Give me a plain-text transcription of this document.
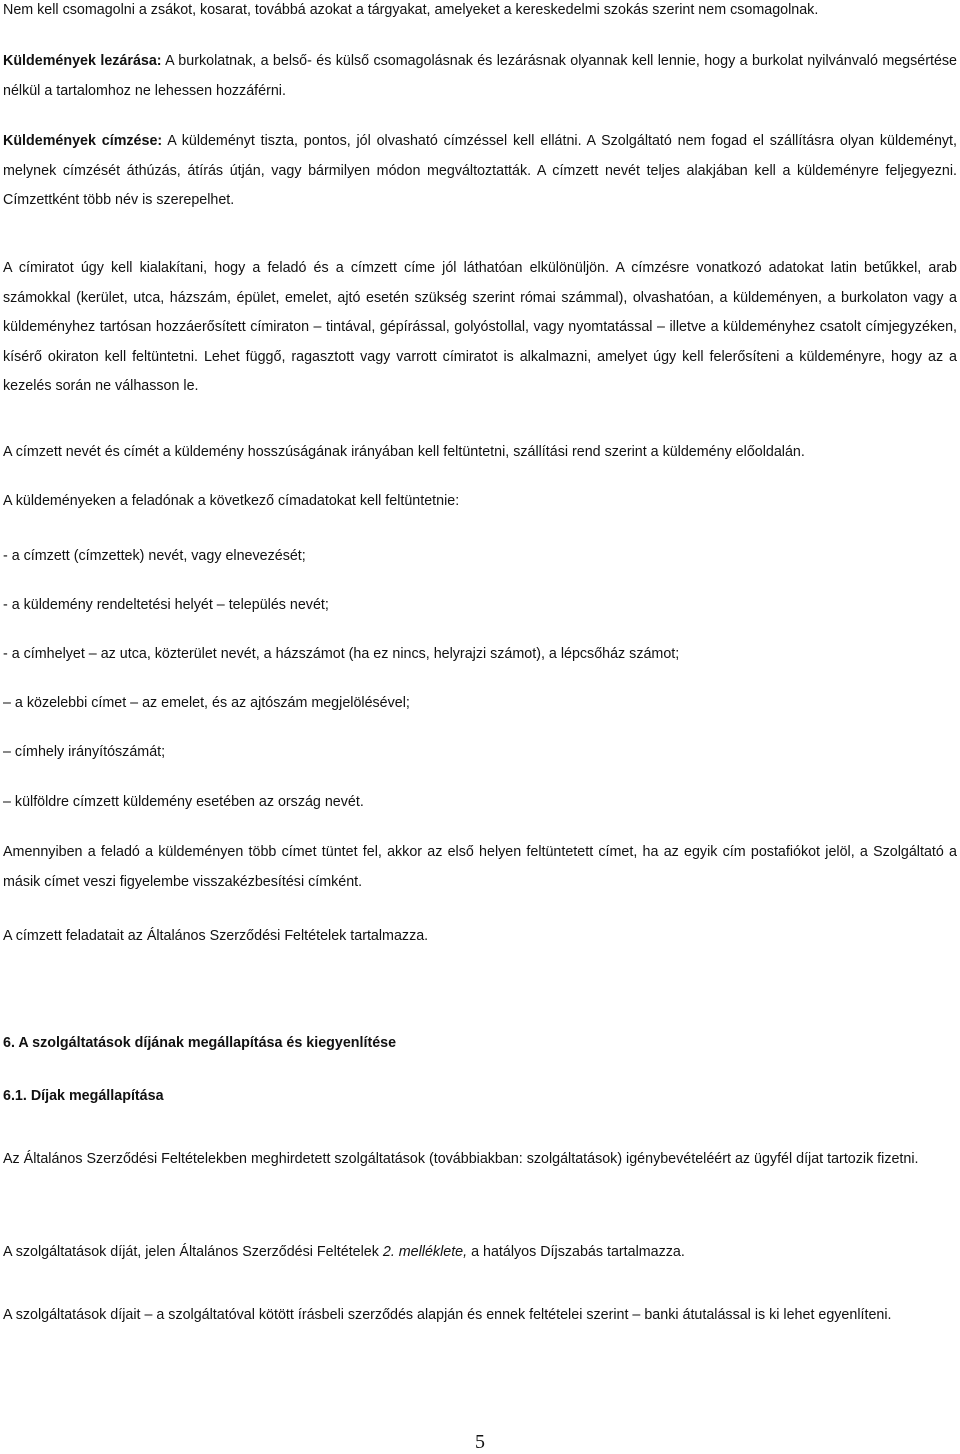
Nem kell csomagolni a zsákot, kosarat, továbbá azokat a tárgyakat, amelyeket a kereskedelmi szokás szerint nem csomagolnak.

Küldemények lezárása: A burkolatnak, a belső- és külső csomagolásnak és lezárásnak olyannak kell lennie, hogy a burkolat nyilvánvaló megsértése nélkül a tartalomhoz ne lehessen hozzáférni.

Küldemények címzése: A küldeményt tiszta, pontos, jól olvasható címzéssel kell ellátni. A Szolgáltató nem fogad el szállításra olyan küldeményt, melynek címzését áthúzás, átírás útján, vagy bármilyen módon megváltoztatták. A címzett nevét teljes alakjában kell a küldeményre feljegyezni. Címzettként több név is szerepelhet.

A címiratot úgy kell kialakítani, hogy a feladó és a címzett címe jól láthatóan elkülönüljön. A címzésre vonatkozó adatokat latin betűkkel, arab számokkal (kerület, utca, házszám, épület, emelet, ajtó esetén szükség szerint római számmal), olvashatóan, a küldeményen, a burkolaton vagy a küldeményhez tartósan hozzáerősített címiraton – tintával, gépírással, golyóstollal, vagy nyomtatással – illetve a küldeményhez csatolt címjegyzéken, kísérő okiraton kell feltüntetni. Lehet függő, ragasztott vagy varrott címiratot is alkalmazni, amelyet úgy kell felerősíteni a küldeményre, hogy az a kezelés során ne válhasson le.

A címzett nevét és címét a küldemény hosszúságának irányában kell feltüntetni, szállítási rend szerint a küldemény előoldalán.

A küldeményeken a feladónak a következő címadatokat kell feltüntetnie:

- a címzett (címzettek) nevét, vagy elnevezését;

- a küldemény rendeltetési helyét – település nevét;

- a címhelyet – az utca, közterület nevét, a házszámot (ha ez nincs, helyrajzi számot), a lépcsőház számot;

– a közelebbi címet – az emelet, és az ajtószám megjelölésével;

– címhely irányítószámát;

– külföldre címzett küldemény esetében az ország nevét.

Amennyiben a feladó a küldeményen több címet tüntet fel, akkor az első helyen feltüntetett címet, ha az egyik cím postafiókot jelöl, a Szolgáltató a másik címet veszi figyelembe visszakézbesítési címként.

A címzett feladatait az Általános Szerződési Feltételek tartalmazza.

6. A szolgáltatások díjának megállapítása és kiegyenlítése
6.1. Díjak megállapítása

Az Általános Szerződési Feltételekben meghirdetett szolgáltatások (továbbiakban: szolgáltatások) igénybevételéért az ügyfél díjat tartozik fizetni.

A szolgáltatások díját, jelen Általános Szerződési Feltételek 2. melléklete, a hatályos Díjszabás tartalmazza.

A szolgáltatások díjait – a szolgáltatóval kötött írásbeli szerződés alapján és ennek feltételei szerint – banki átutalással is ki lehet egyenlíteni.

5
